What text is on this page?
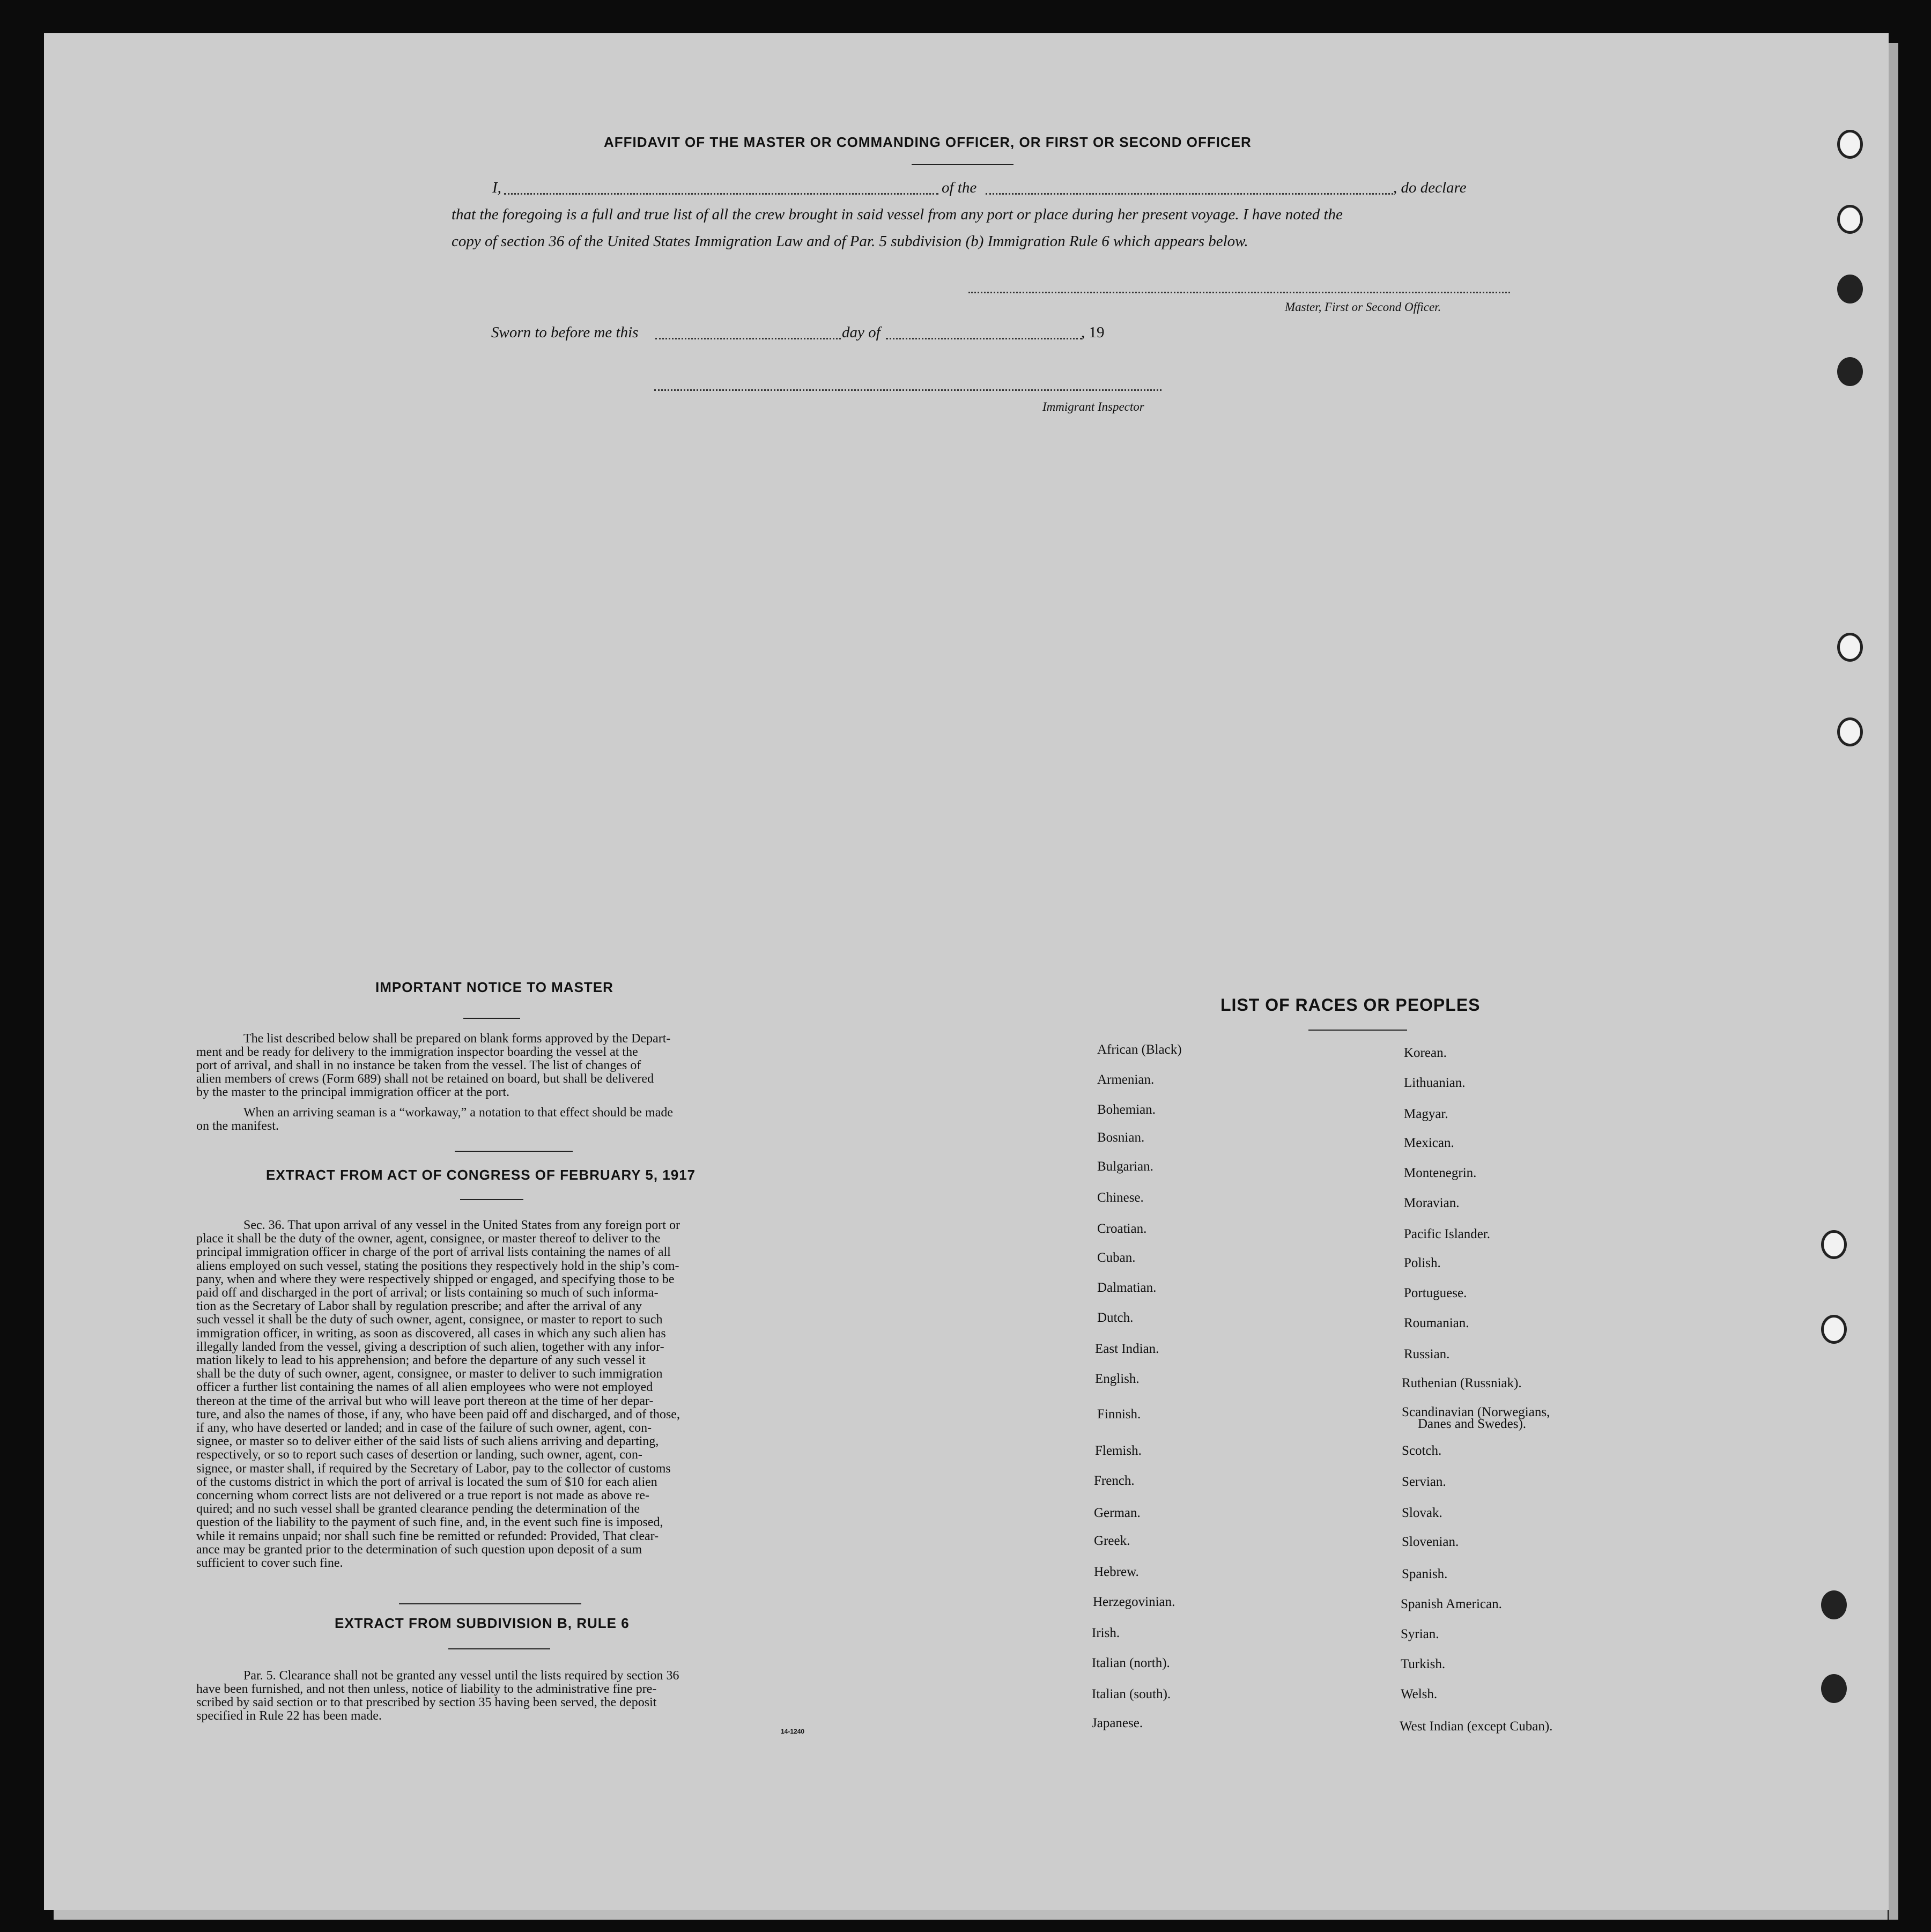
AFFIDAVIT OF THE MASTER OR COMMANDING OFFICER, OR FIRST OR SECOND OFFICER
I,	of the	, do declare
that the foregoing is a full and true list of all the crew brought in said vessel from any port or place during her present voyage. I have noted the
copy of section 36 of the United States Immigration Law and of Par. 5 subdivision (b) Immigration Rule 6 which appears below.
Master, First or Second Officer.
Sworn to before me this	day of	, 19
Immigrant Inspector
IMPORTANT NOTICE TO MASTER
The list described below shall be prepared on blank forms approved by the Depart-
ment and be ready for delivery to the immigration inspector boarding the vessel at the
port of arrival, and shall in no instance be taken from the vessel. The list of changes of
alien members of crews (Form 689) shall not be retained on board, but shall be delivered
by the master to the principal immigration officer at the port.
When an arriving seaman is a “workaway,” a notation to that effect should be made
on the manifest.
EXTRACT FROM ACT OF CONGRESS OF FEBRUARY 5, 1917
Sec. 36. That upon arrival of any vessel in the United States from any foreign port or
place it shall be the duty of the owner, agent, consignee, or master thereof to deliver to the
principal immigration officer in charge of the port of arrival lists containing the names of all
aliens employed on such vessel, stating the positions they respectively hold in the ship’s com-
pany, when and where they were respectively shipped or engaged, and specifying those to be
paid off and discharged in the port of arrival; or lists containing so much of such informa-
tion as the Secretary of Labor shall by regulation prescribe; and after the arrival of any
such vessel it shall be the duty of such owner, agent, consignee, or master to report to such
immigration officer, in writing, as soon as discovered, all cases in which any such alien has
illegally landed from the vessel, giving a description of such alien, together with any infor-
mation likely to lead to his apprehension; and before the departure of any such vessel it
shall be the duty of such owner, agent, consignee, or master to deliver to such immigration
officer a further list containing the names of all alien employees who were not employed
thereon at the time of the arrival but who will leave port thereon at the time of her depar-
ture, and also the names of those, if any, who have been paid off and discharged, and of those,
if any, who have deserted or landed; and in case of the failure of such owner, agent, con-
signee, or master so to deliver either of the said lists of such aliens arriving and departing,
respectively, or so to report such cases of desertion or landing, such owner, agent, con-
signee, or master shall, if required by the Secretary of Labor, pay to the collector of customs
of the customs district in which the port of arrival is located the sum of $10 for each alien
concerning whom correct lists are not delivered or a true report is not made as above re-
quired; and no such vessel shall be granted clearance pending the determination of the
question of the liability to the payment of such fine, and, in the event such fine is imposed,
while it remains unpaid; nor shall such fine be remitted or refunded: Provided, That clear-
ance may be granted prior to the determination of such question upon deposit of a sum
sufficient to cover such fine.
EXTRACT FROM SUBDIVISION B, RULE 6
Par. 5. Clearance shall not be granted any vessel until the lists required by section 36
have been furnished, and not then unless, notice of liability to the administrative fine pre-
scribed by said section or to that prescribed by section 35 having been served, the deposit
specified in Rule 22 has been made.
14-1240
LIST OF RACES OR PEOPLES
African (Black)
Armenian.
Bohemian.
Bosnian.
Bulgarian.
Chinese.
Croatian.
Cuban.
Dalmatian.
Dutch.
East Indian.
English.
Finnish.
Flemish.
French.
German.
Greek.
Hebrew.
Herzegovinian.
Irish.
Italian (north).
Italian (south).
Japanese.
Korean.
Lithuanian.
Magyar.
Mexican.
Montenegrin.
Moravian.
Pacific Islander.
Polish.
Portuguese.
Roumanian.
Russian.
Ruthenian (Russniak).
Scandinavian (Norwegians,
Scotch.
Servian.
Slovak.
Slovenian.
Spanish.
Spanish American.
Syrian.
Turkish.
Welsh.
West Indian (except Cuban).
Danes and Swedes).
